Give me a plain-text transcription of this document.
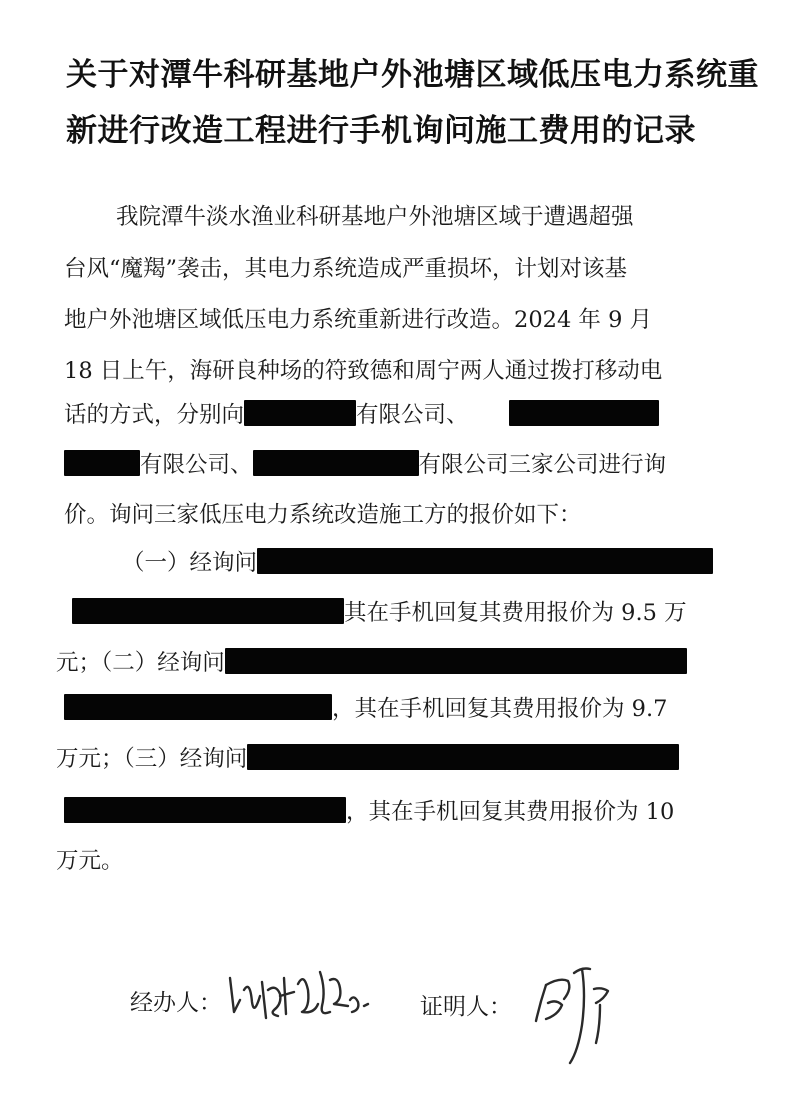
关于对潭牛科研基地户外池塘区域低压电力系统重
新进行改造工程进行手机询问施工费用的记录
我院潭牛淡水渔业科研基地户外池塘区域于遭遇超强
台风“魔羯”袭击，其电力系统造成严重损坏，计划对该基
地户外池塘区域低压电力系统重新进行改造。2024 年 9 月
18 日上午，海研良种场的符致德和周宁两人通过拨打移动电
话的方式，分别向	有限公司、
有限公司、	有限公司三家公司进行询
价。询问三家低压电力系统改造施工方的报价如下：
（一）经询问
其在手机回复其费用报价为 9.5 万
元；（二）经询问
，其在手机回复其费用报价为 9.7
万元；（三）经询问
，其在手机回复其费用报价为 10
万元。
经办人：	证明人：
